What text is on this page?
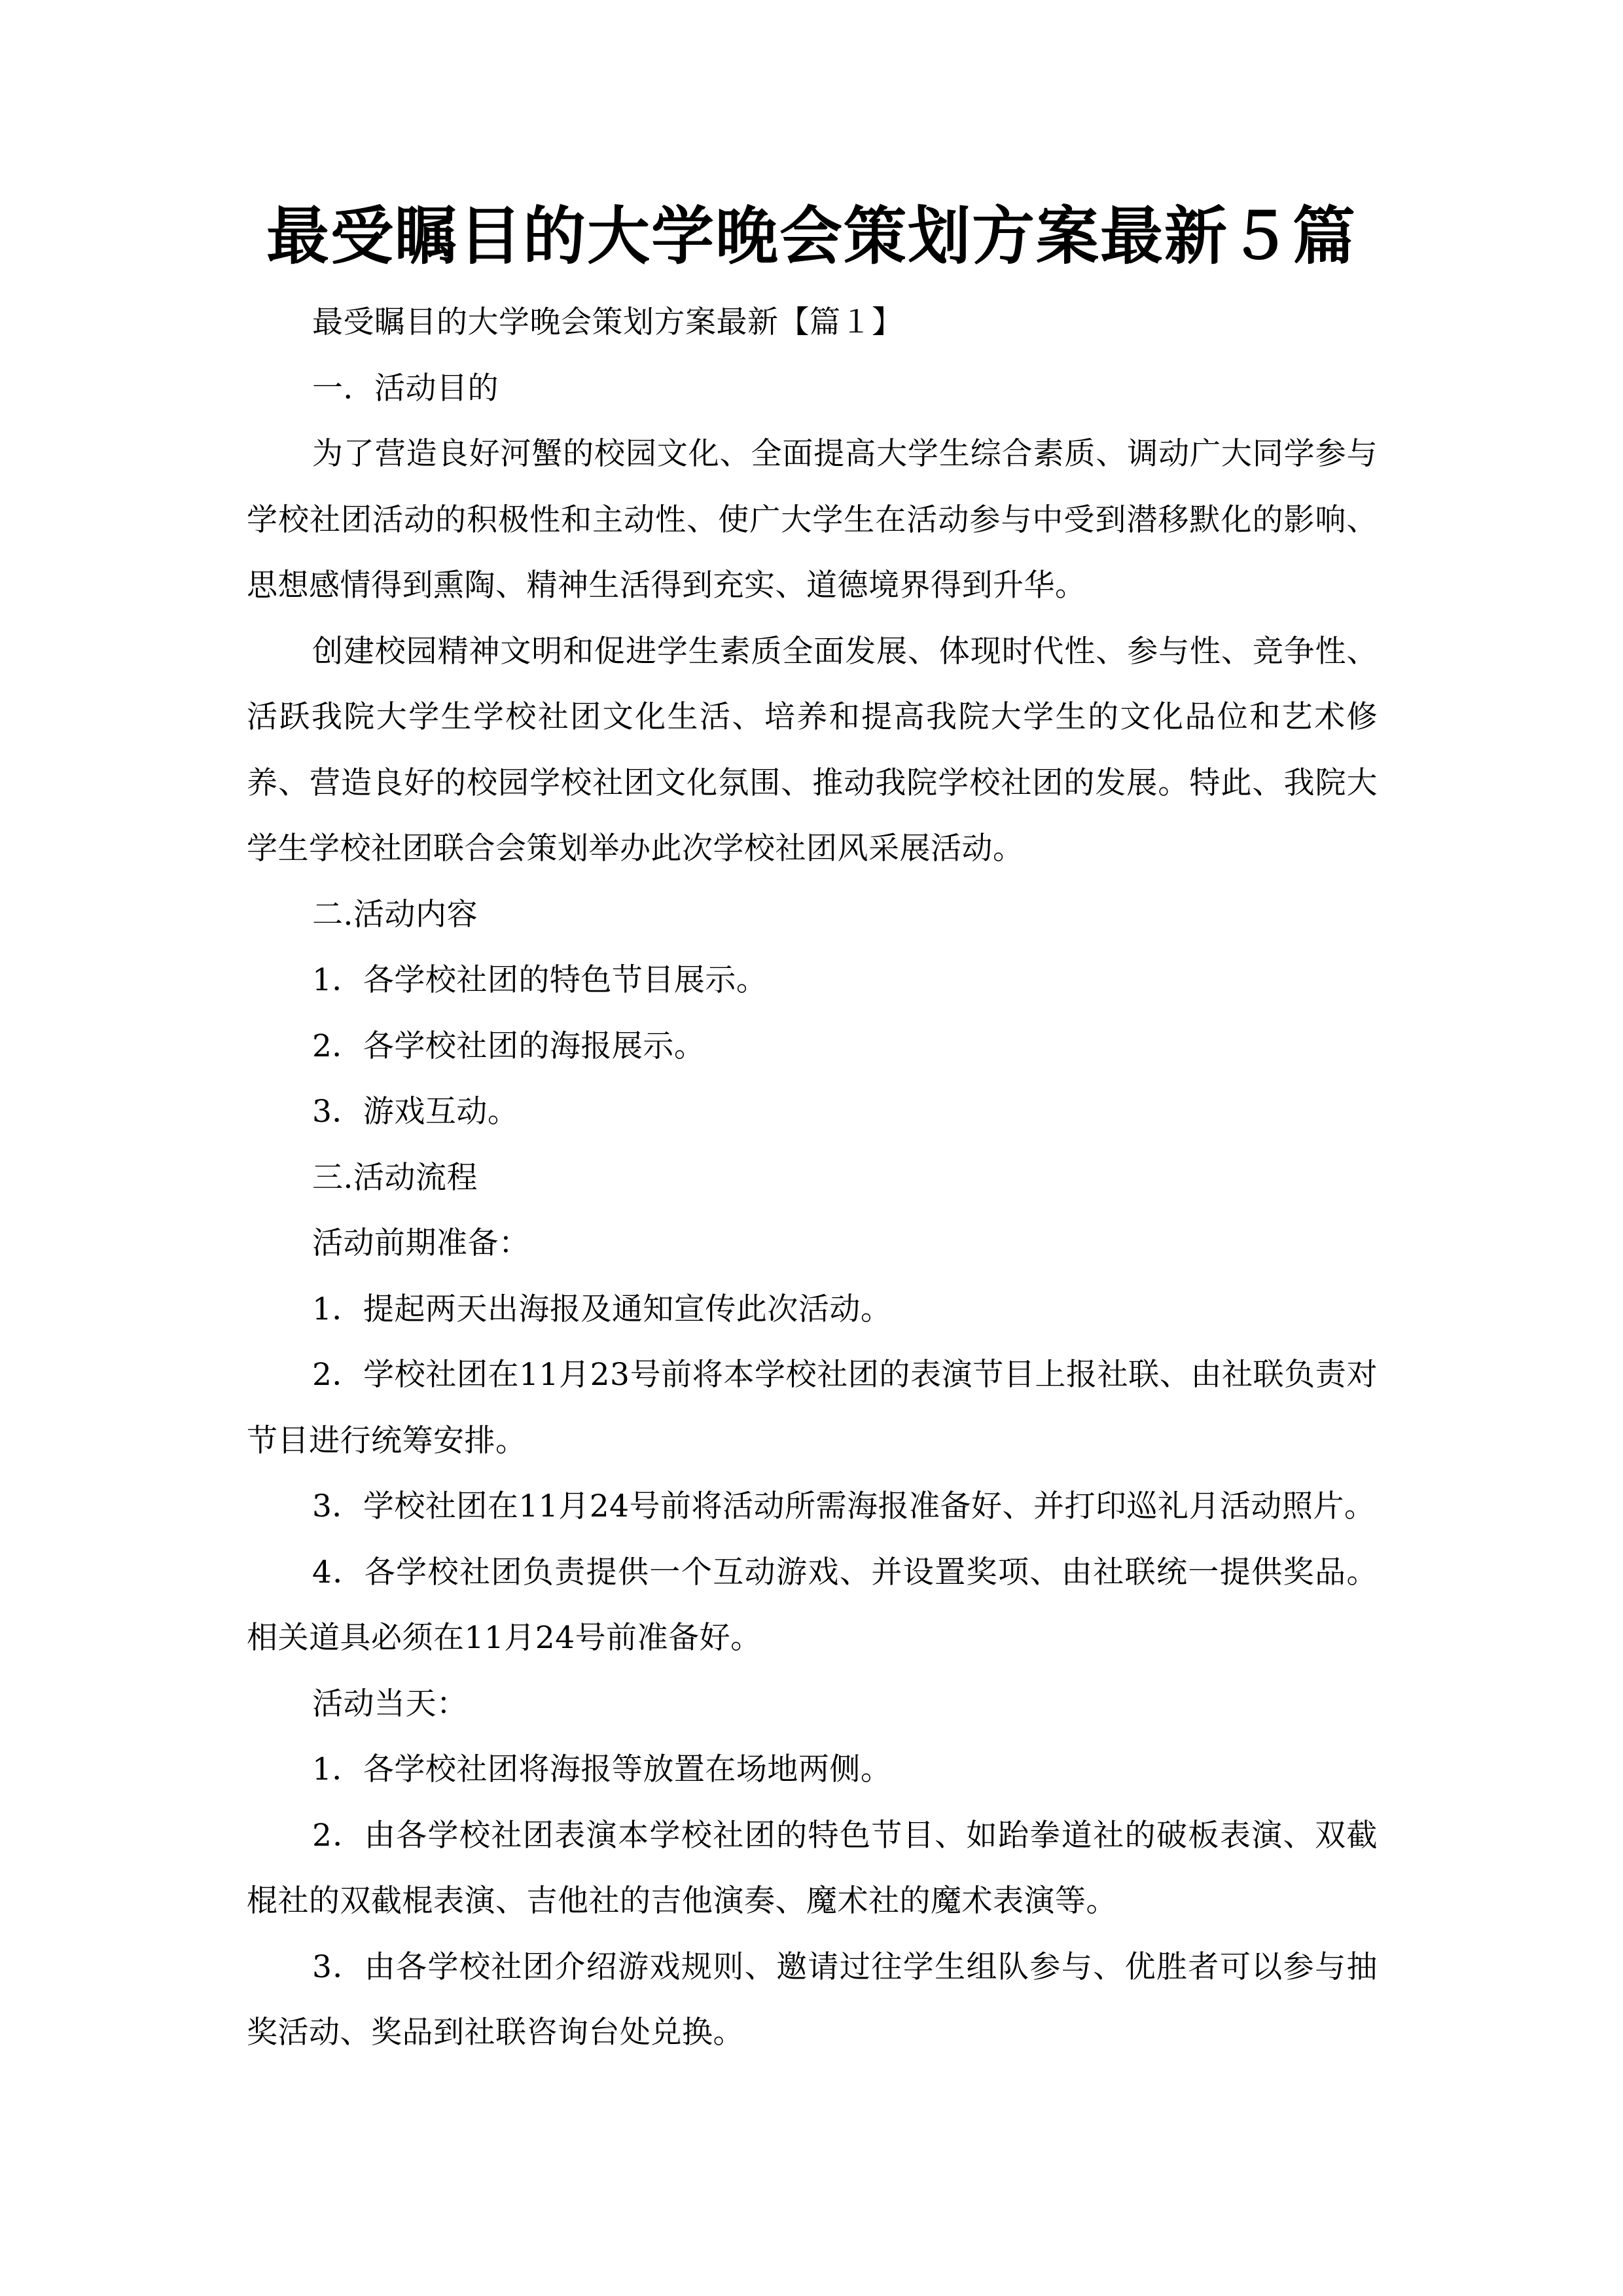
最受瞩目的大学晚会策划方案最新５篇

最受瞩目的大学晚会策划方案最新【篇１】

一．活动目的

为了营造良好河蟹的校园文化、全面提高大学生综合素质、调动广大同学参与学校社团活动的积极性和主动性、使广大学生在活动参与中受到潜移默化的影响、思想感情得到熏陶、精神生活得到充实、道德境界得到升华。

创建校园精神文明和促进学生素质全面发展、体现时代性、参与性、竞争性、活跃我院大学生学校社团文化生活、培养和提高我院大学生的文化品位和艺术修养、营造良好的校园学校社团文化氛围、推动我院学校社团的发展。特此、我院大学生学校社团联合会策划举办此次学校社团风采展活动。

二.活动内容

1．各学校社团的特色节目展示。

2．各学校社团的海报展示。

3．游戏互动。

三.活动流程

活动前期准备：

1．提起两天出海报及通知宣传此次活动。

2．学校社团在11月23号前将本学校社团的表演节目上报社联、由社联负责对节目进行统筹安排。

3．学校社团在11月24号前将活动所需海报准备好、并打印巡礼月活动照片。

4．各学校社团负责提供一个互动游戏、并设置奖项、由社联统一提供奖品。相关道具必须在11月24号前准备好。

活动当天：

1．各学校社团将海报等放置在场地两侧。

2．由各学校社团表演本学校社团的特色节目、如跆拳道社的破板表演、双截棍社的双截棍表演、吉他社的吉他演奏、魔术社的魔术表演等。

3．由各学校社团介绍游戏规则、邀请过往学生组队参与、优胜者可以参与抽奖活动、奖品到社联咨询台处兑换。
